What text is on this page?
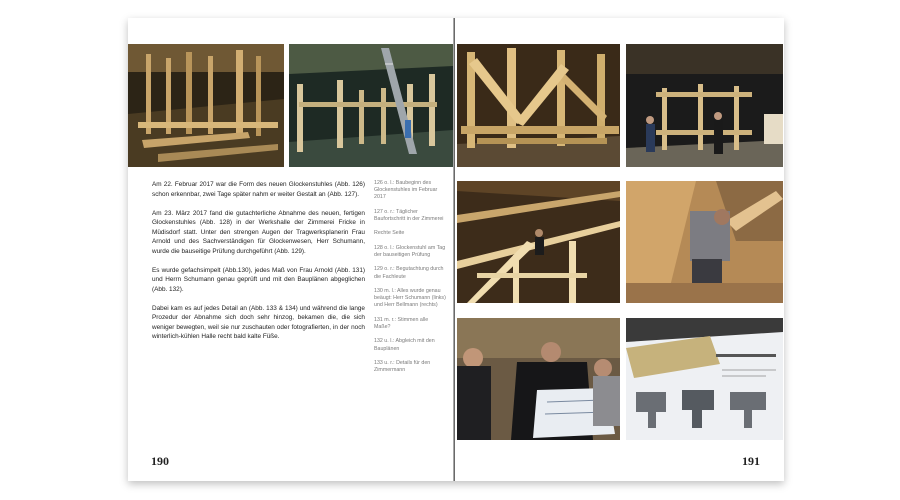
Am 22. Februar 2017 war die Form des neuen Glockenstuhles (Abb. 126) schon erkennbar, zwei Tage später nahm er weiter Gestalt an (Abb. 127).

Am 23. März 2017 fand die gutachterliche Abnahme des neuen, fertigen Glockenstuhles (Abb. 128) in der Werkshalle der Zimmerei Fricke in Müdisdorf statt. Unter den strengen Augen der Tragwerksplanerin Frau Arnold und des Sachverständigen für Glockenwesen, Herr Schumann, wurde die bauseitige Prüfung durchgeführt (Abb. 129).

Es wurde gefachsimpelt (Abb.130), jedes Maß von Frau Arnold (Abb. 131) und Herrn Schumann genau geprüft und mit den Bauplänen abgeglichen (Abb. 132).

Dabei kam es auf jedes Detail an (Abb. 133 & 134) und während die lange Prozedur der Abnahme sich doch sehr hinzog, bekamen die, die sich weniger bewegten, weil sie nur zuschauten oder fotografierten, in der noch winterlich-kühlen Halle recht bald kalte Füße.

126 o. l.: Baubeginn des Glockenstuhles im Februar 2017
127 o. r.: Täglicher Baufortschritt in der Zimmerei
Rechte Seite
128 o. l.: Glockenstuhl am Tag der bauseitigen Prüfung
129 o. r.: Begutachtung durch die Fachleute
130 m. l.: Alles wurde genau beäugt: Herr Schumann (links) und Herr Bellmann (rechts)
131 m. r.: Stimmen alle Maße?
132 u. l.: Abgleich mit den Bauplänen
133 u. r.: Details für den Zimmermann
190	191
